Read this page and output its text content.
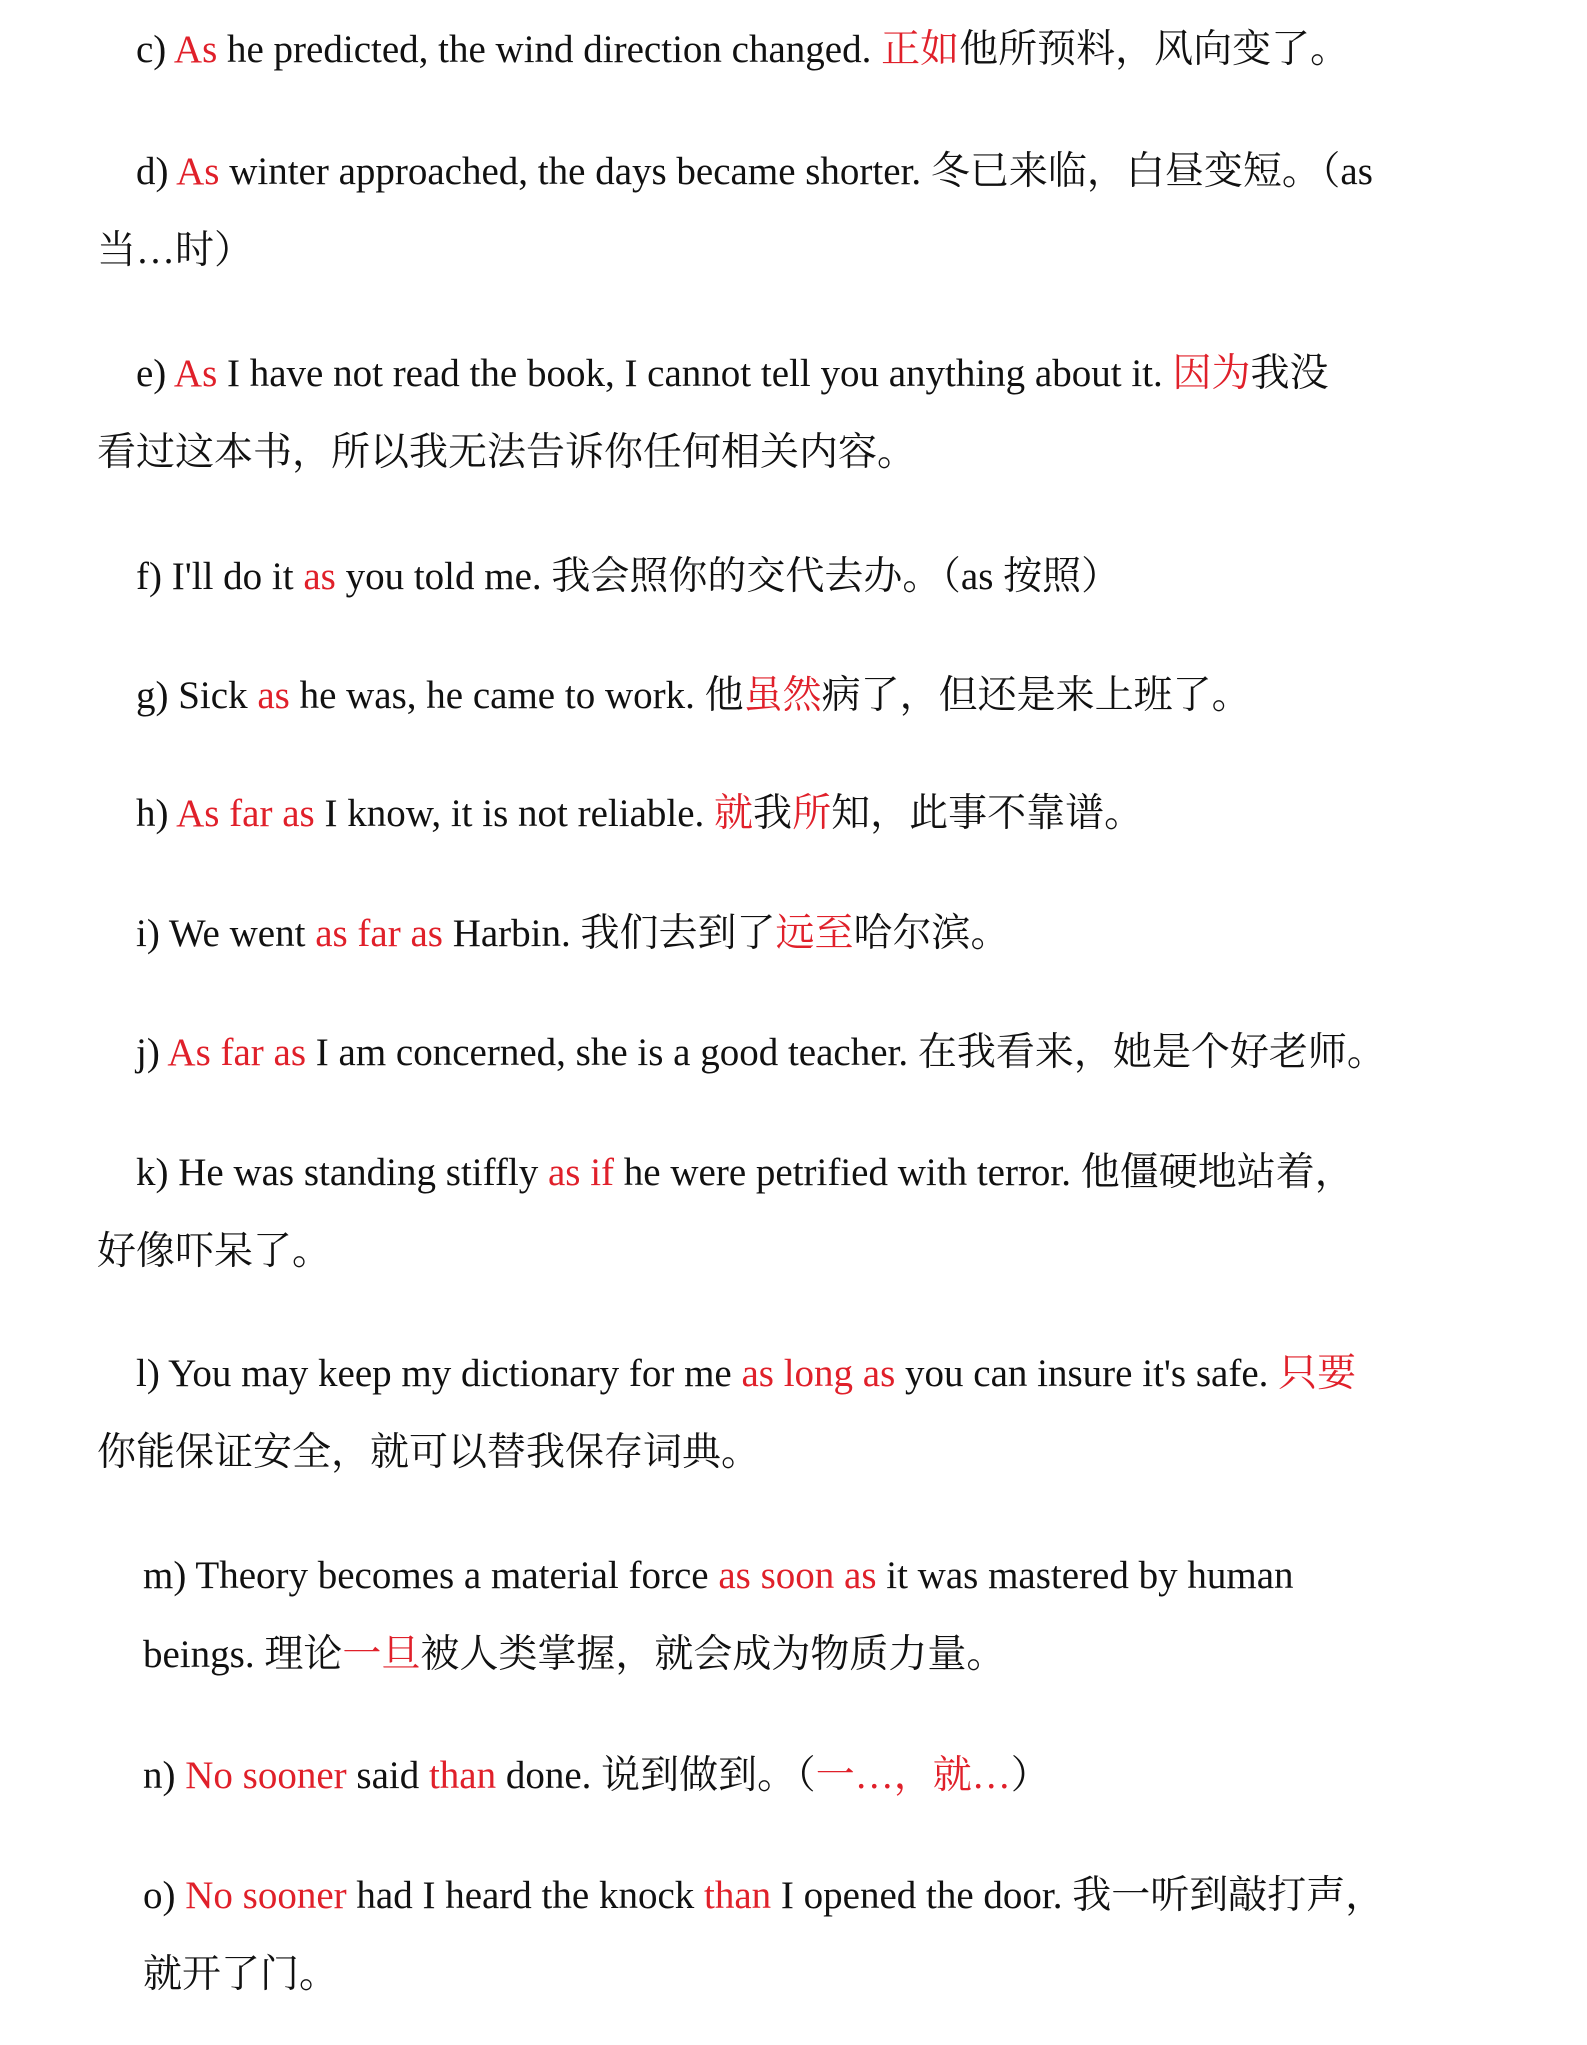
c) As he predicted, the wind direction changed. 正如他所预料，风向变了。
d) As winter approached, the days became shorter. 冬已来临，白昼变短。（as
当…时）
e) As I have not read the book, I cannot tell you anything about it. 因为我没
看过这本书，所以我无法告诉你任何相关内容。
f) I'll do it as you told me. 我会照你的交代去办。（as 按照）
g) Sick as he was, he came to work. 他虽然病了，但还是来上班了。
h) As far as I know, it is not reliable. 就我所知，此事不靠谱。
i) We went as far as Harbin. 我们去到了远至哈尔滨。
j) As far as I am concerned, she is a good teacher. 在我看来，她是个好老师。
k) He was standing stiffly as if he were petrified with terror. 他僵硬地站着，
好像吓呆了。
l) You may keep my dictionary for me as long as you can insure it's safe. 只要
你能保证安全，就可以替我保存词典。
m) Theory becomes a material force as soon as it was mastered by human
beings. 理论一旦被人类掌握，就会成为物质力量。
n) No sooner said than done. 说到做到。（一…，就…）
o) No sooner had I heard the knock than I opened the door. 我一听到敲打声，
就开了门。
